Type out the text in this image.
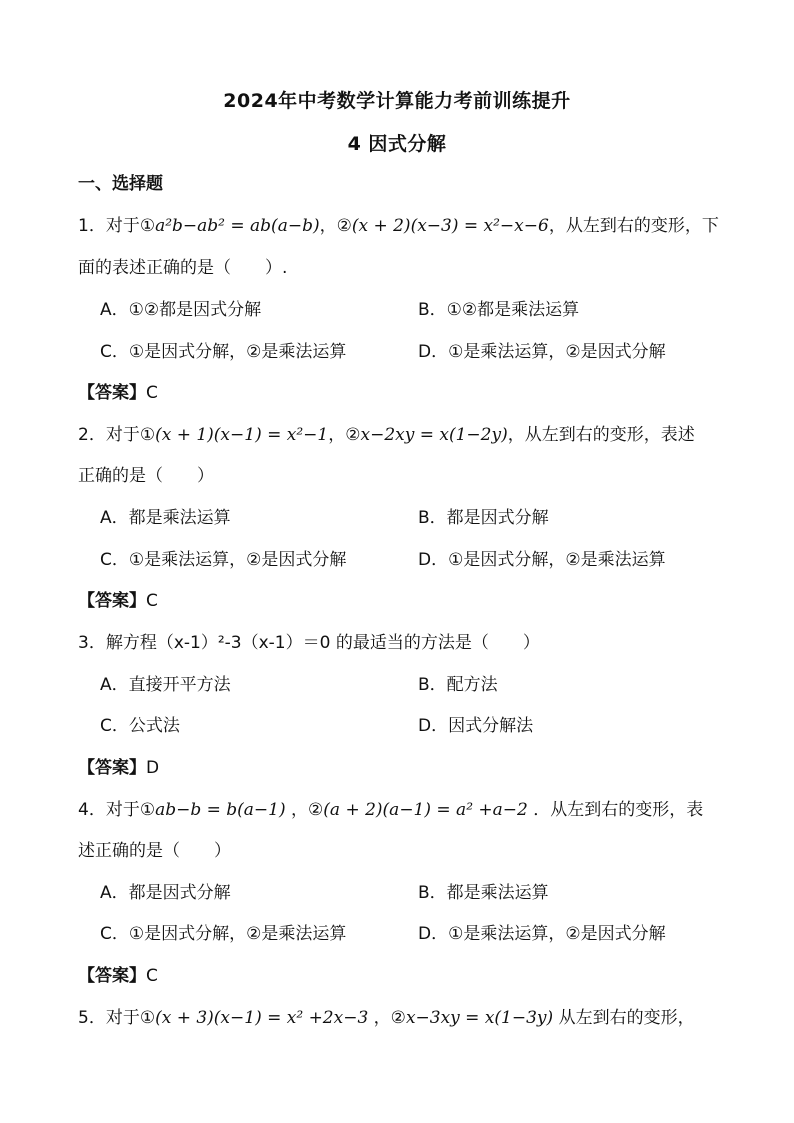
2024年中考数学计算能力考前训练提升
4 因式分解
一、选择题
1．对于①a²b−ab² = ab(a−b)，②(x + 2)(x−3) = x²−x−6，从左到右的变形，下
面的表述正确的是（　　）.
A．①②都是因式分解	B．①②都是乘法运算
C．①是因式分解，②是乘法运算	D．①是乘法运算，②是因式分解
【答案】C
2．对于①(x + 1)(x−1) = x²−1，②x−2xy = x(1−2y)，从左到右的变形，表述
正确的是（　　）
A．都是乘法运算	B．都是因式分解
C．①是乘法运算，②是因式分解	D．①是因式分解，②是乘法运算
【答案】C
3．解方程（x-1）²-3（x-1）＝0 的最适当的方法是（　　）
A．直接开平方法	B．配方法
C．公式法	D．因式分解法
【答案】D
4．对于①ab−b = b(a−1) ，②(a + 2)(a−1) = a² +a−2 ．从左到右的变形，表
述正确的是（　　）
A．都是因式分解	B．都是乘法运算
C．①是因式分解，②是乘法运算	D．①是乘法运算，②是因式分解
【答案】C
5．对于①(x + 3)(x−1) = x² +2x−3 ，②x−3xy = x(1−3y) 从左到右的变形，
